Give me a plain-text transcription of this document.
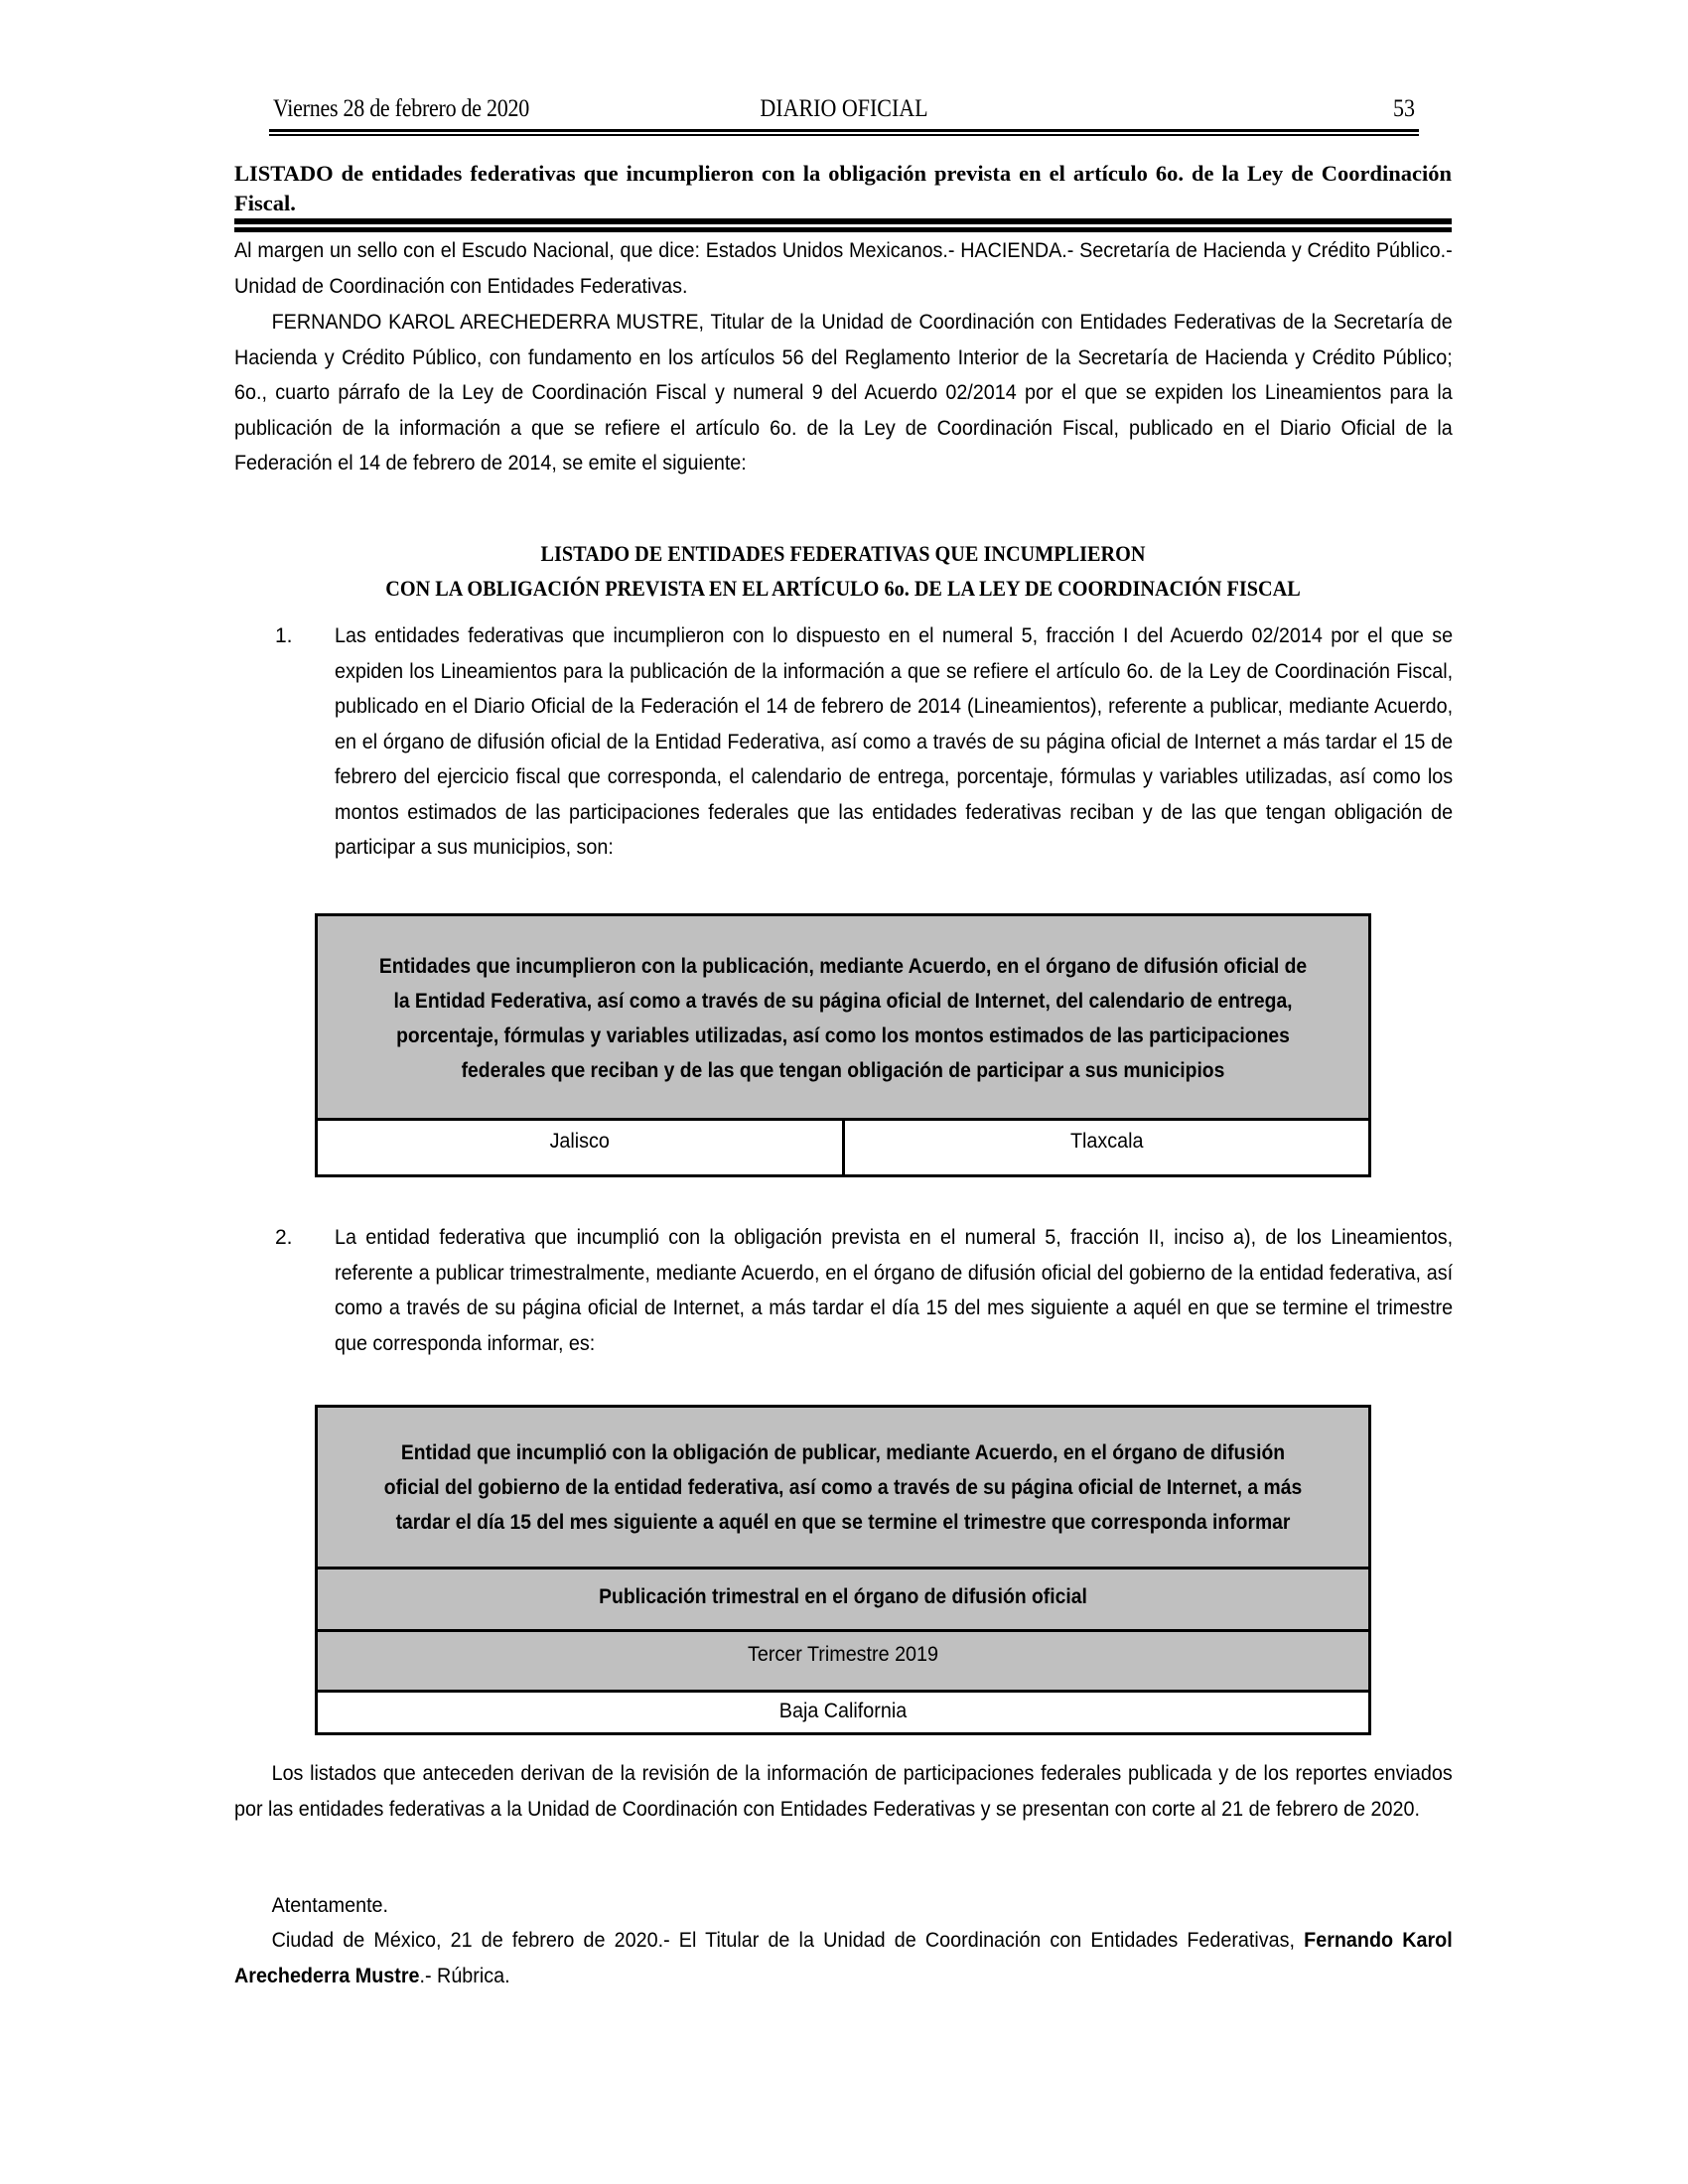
Viernes 28 de febrero de 2020	DIARIO OFICIAL	53
LISTADO de entidades federativas que incumplieron con la obligación prevista en el artículo 6o. de la Ley de Coordinación Fiscal.
Al margen un sello con el Escudo Nacional, que dice: Estados Unidos Mexicanos.- HACIENDA.- Secretaría de Hacienda y Crédito Público.- Unidad de Coordinación con Entidades Federativas.
FERNANDO KAROL ARECHEDERRA MUSTRE, Titular de la Unidad de Coordinación con Entidades Federativas de la Secretaría de Hacienda y Crédito Público, con fundamento en los artículos 56 del Reglamento Interior de la Secretaría de Hacienda y Crédito Público; 6o., cuarto párrafo de la Ley de Coordinación Fiscal y numeral 9 del Acuerdo 02/2014 por el que se expiden los Lineamientos para la publicación de la información a que se refiere el artículo 6o. de la Ley de Coordinación Fiscal, publicado en el Diario Oficial de la Federación el 14 de febrero de 2014, se emite el siguiente:
LISTADO DE ENTIDADES FEDERATIVAS QUE INCUMPLIERON
CON LA OBLIGACIÓN PREVISTA EN EL ARTÍCULO 6o. DE LA LEY DE COORDINACIÓN FISCAL
1. Las entidades federativas que incumplieron con lo dispuesto en el numeral 5, fracción I del Acuerdo 02/2014 por el que se expiden los Lineamientos para la publicación de la información a que se refiere el artículo 6o. de la Ley de Coordinación Fiscal, publicado en el Diario Oficial de la Federación el 14 de febrero de 2014 (Lineamientos), referente a publicar, mediante Acuerdo, en el órgano de difusión oficial de la Entidad Federativa, así como a través de su página oficial de Internet a más tardar el 15 de febrero del ejercicio fiscal que corresponda, el calendario de entrega, porcentaje, fórmulas y variables utilizadas, así como los montos estimados de las participaciones federales que las entidades federativas reciban y de las que tengan obligación de participar a sus municipios, son:
Entidades que incumplieron con la publicación, mediante Acuerdo, en el órgano de difusión oficial de la Entidad Federativa, así como a través de su página oficial de Internet, del calendario de entrega, porcentaje, fórmulas y variables utilizadas, así como los montos estimados de las participaciones federales que reciban y de las que tengan obligación de participar a sus municipios

Jalisco	Tlaxcala
2. La entidad federativa que incumplió con la obligación prevista en el numeral 5, fracción II, inciso a), de los Lineamientos, referente a publicar trimestralmente, mediante Acuerdo, en el órgano de difusión oficial del gobierno de la entidad federativa, así como a través de su página oficial de Internet, a más tardar el día 15 del mes siguiente a aquél en que se termine el trimestre que corresponda informar, es:
Entidad que incumplió con la obligación de publicar, mediante Acuerdo, en el órgano de difusión oficial del gobierno de la entidad federativa, así como a través de su página oficial de Internet, a más tardar el día 15 del mes siguiente a aquél en que se termine el trimestre que corresponda informar

Publicación trimestral en el órgano de difusión oficial

Tercer Trimestre 2019

Baja California
Los listados que anteceden derivan de la revisión de la información de participaciones federales publicada y de los reportes enviados por las entidades federativas a la Unidad de Coordinación con Entidades Federativas y se presentan con corte al 21 de febrero de 2020.
Atentamente.
Ciudad de México, 21 de febrero de 2020.- El Titular de la Unidad de Coordinación con Entidades Federativas, Fernando Karol Arechederra Mustre.- Rúbrica.
